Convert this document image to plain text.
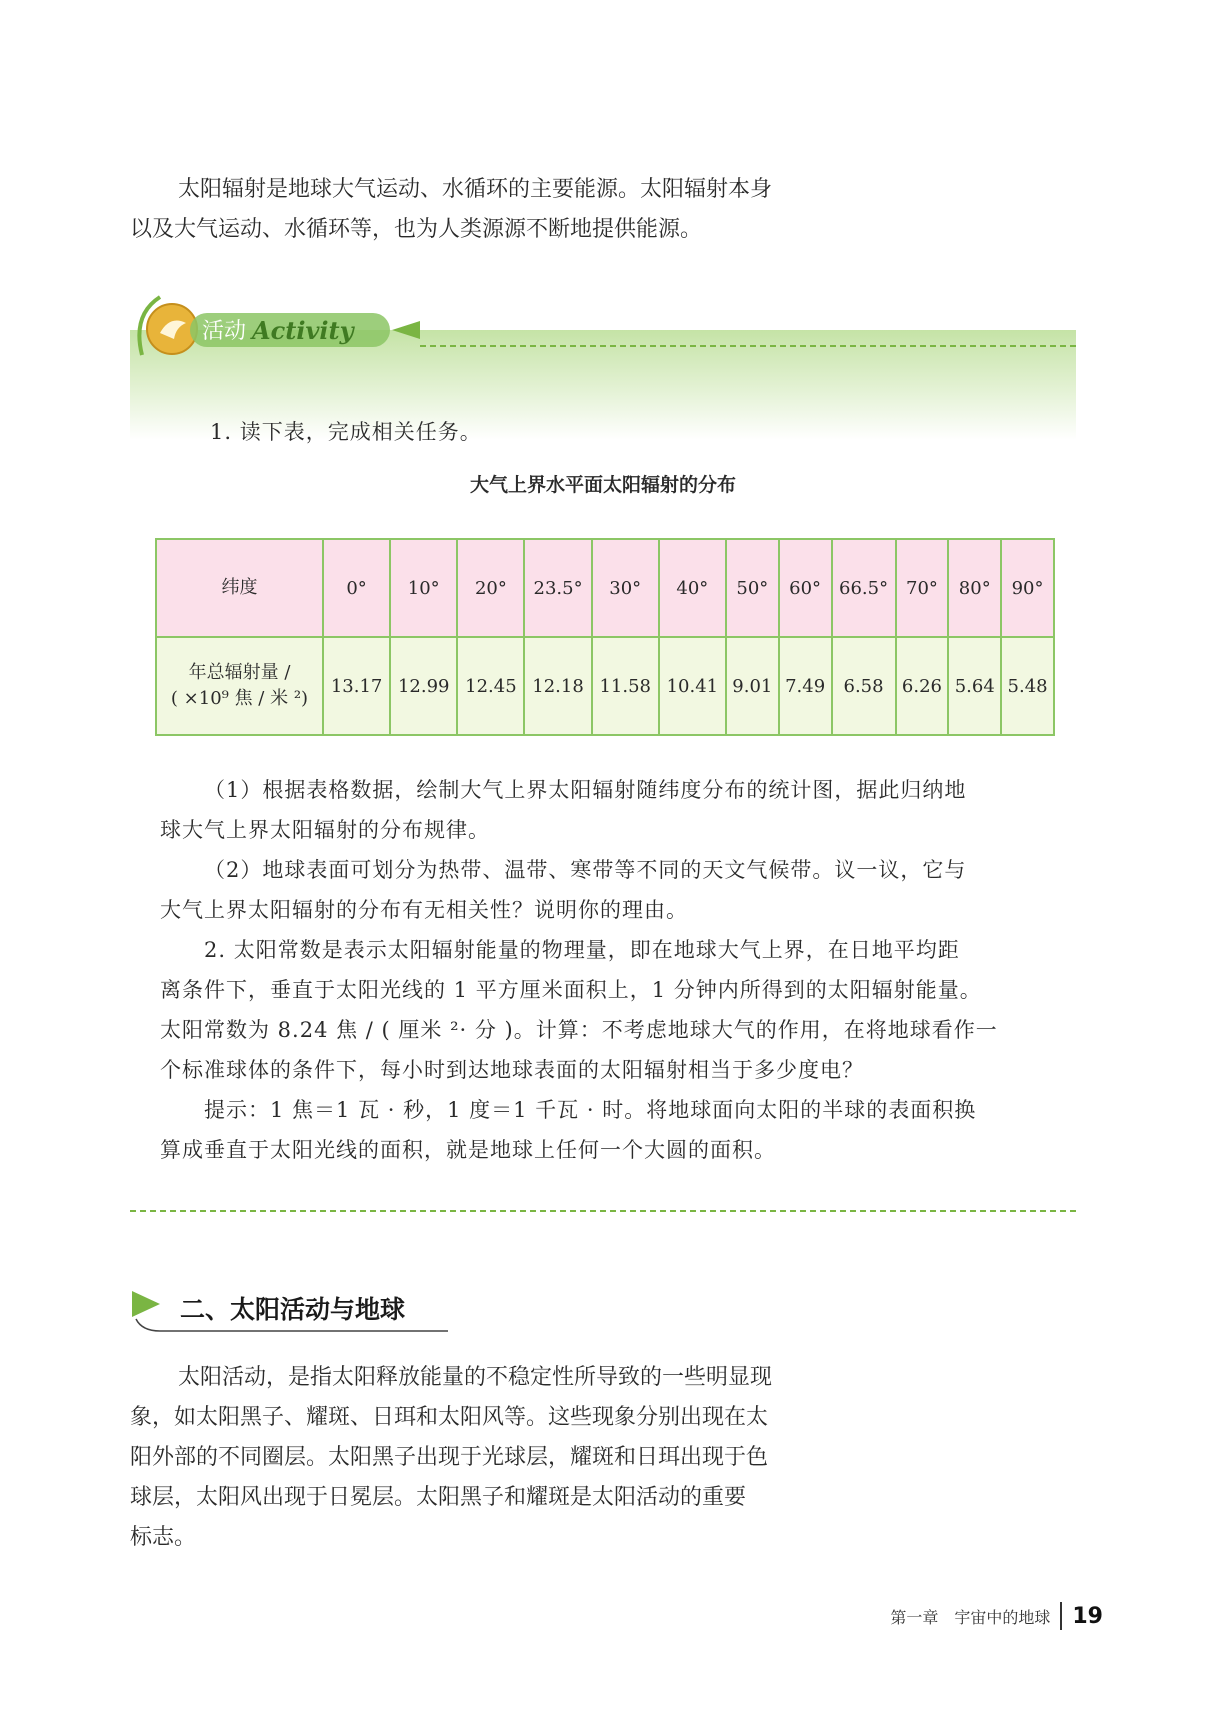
太阳辐射是地球大气运动、水循环的主要能源。太阳辐射本身
以及大气运动、水循环等，也为人类源源不断地提供能源。

活动 Activity

1. 读下表，完成相关任务。

大气上界水平面太阳辐射的分布
纬度	0°	10°	20°	23.5°	30°	40°	50°	60°	66.5°	70°	80°	90°
年总辐射量 /
( ×10⁹ 焦 / 米 ²)	13.17	12.99	12.45	12.18	11.58	10.41	9.01	7.49	6.58	6.26	5.64	5.48
（1）根据表格数据，绘制大气上界太阳辐射随纬度分布的统计图，据此归纳地
球大气上界太阳辐射的分布规律。
（2）地球表面可划分为热带、温带、寒带等不同的天文气候带。议一议，它与
大气上界太阳辐射的分布有无相关性？说明你的理由。
2. 太阳常数是表示太阳辐射能量的物理量，即在地球大气上界，在日地平均距
离条件下，垂直于太阳光线的 1 平方厘米面积上，1 分钟内所得到的太阳辐射能量。
太阳常数为 8.24 焦 / ( 厘米 ²· 分 )。计算：不考虑地球大气的作用，在将地球看作一
个标准球体的条件下，每小时到达地球表面的太阳辐射相当于多少度电？
提示：1 焦＝1 瓦 · 秒，1 度＝1 千瓦 · 时。将地球面向太阳的半球的表面积换
算成垂直于太阳光线的面积，就是地球上任何一个大圆的面积。
二、太阳活动与地球

太阳活动，是指太阳释放能量的不稳定性所导致的一些明显现
象，如太阳黑子、耀斑、日珥和太阳风等。这些现象分别出现在太
阳外部的不同圈层。太阳黑子出现于光球层，耀斑和日珥出现于色
球层，太阳风出现于日冕层。太阳黑子和耀斑是太阳活动的重要
标志。

第一章　宇宙中的地球 19
